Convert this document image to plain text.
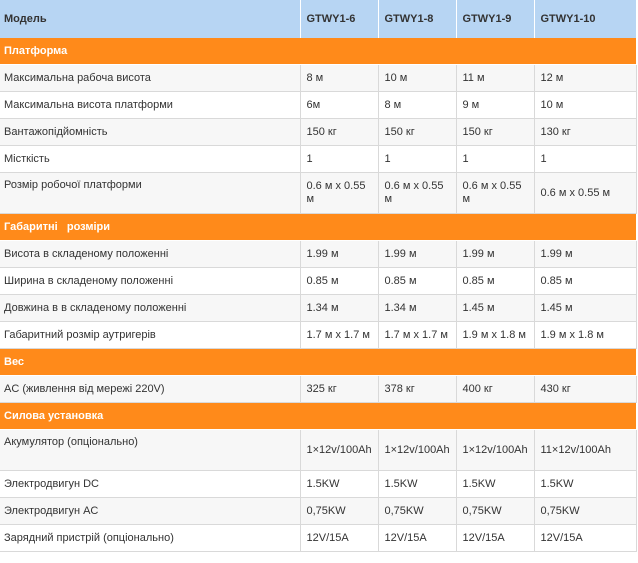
Модель	GTWY1-6	GTWY1-8	GTWY1-9	GTWY1-10
Платформа				
Максимальна рабоча висота	8 м	10 м	11 м	12 м
Максимальна висота платформи	6м	8 м	9 м	10 м
Вантажопідйомність	150 кг	150 кг	150 кг	130 кг
Місткість	1	1	1	1
Розмір робочої платформи	0.6 м х 0.55 м	0.6 м х 0.55 м	0.6 м х 0.55 м	0.6 м х 0.55 м
Габаритні   розміри				
Висота в складеному положенні	1.99 м	1.99 м	1.99 м	1.99 м
Ширина в складеному положенні	0.85 м	0.85 м	0.85 м	0.85 м
Довжина в в складеному положенні	1.34 м	1.34 м	1.45 м	1.45 м
Габаритний розмір аутригерів	1.7 м х 1.7 м	1.7 м х 1.7 м	1.9 м х 1.8 м	1.9 м х 1.8 м
Вес				
AC (живлення від мережі 220V)	325 кг	378 кг	400 кг	430 кг
Силова установка				
Акумулятор (опціонально)	1×12v/100Ah	1×12v/100Ah	1×12v/100Ah	11×12v/100Ah
Электродвигун DC	1.5KW	1.5KW	1.5KW	1.5KW
Электродвигун AC	0,75KW	0,75KW	0,75KW	0,75KW
Зарядний пристрій (опціонально)	12V/15A	12V/15A	12V/15A	12V/15A
